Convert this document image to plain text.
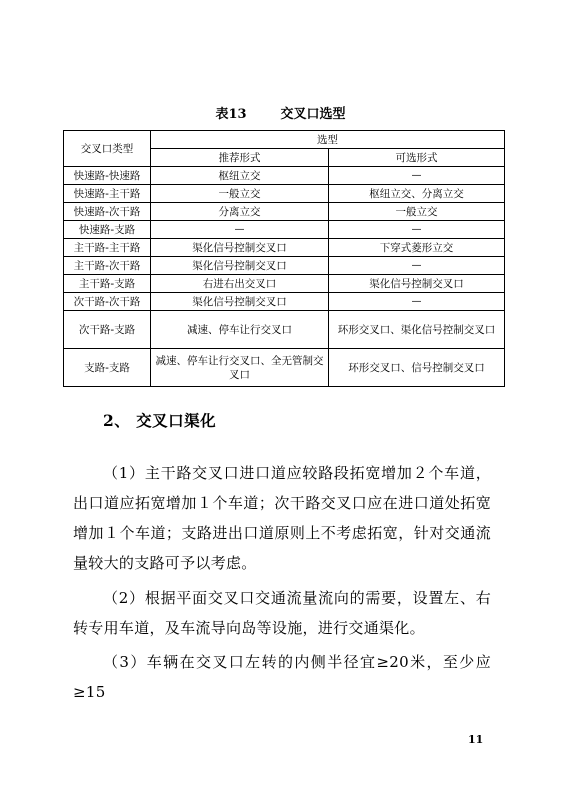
表13	交叉口选型
交叉口类型	选型	
	推荐形式	可选形式
快速路-快速路	枢纽立交	—
快速路-主干路	一般立交	枢纽立交、分离立交
快速路-次干路	分离立交	一般立交
快速路-支路	—	—
主干路-主干路	渠化信号控制交叉口	下穿式菱形立交
主干路-次干路	渠化信号控制交叉口	—
主干路-支路	右进右出交叉口	渠化信号控制交叉口
次干路-次干路	渠化信号控制交叉口	—
次干路-支路	减速、停车让行交叉口	环形交叉口、渠化信号控制交叉口
支路-支路	减速、停车让行交叉口、全无管制交叉口	环形交叉口、信号控制交叉口
2、 交叉口渠化

（1）主干路交叉口进口道应较路段拓宽增加２个车道，出口道应拓宽增加１个车道；次干路交叉口应在进口道处拓宽增加１个车道；支路进出口道原则上不考虑拓宽，针对交通流量较大的支路可予以考虑。

（2）根据平面交叉口交通流量流向的需要，设置左、右转专用车道，及车流导向岛等设施，进行交通渠化。

（3）车辆在交叉口左转的内侧半径宜≥20米，至少应≥15

11
